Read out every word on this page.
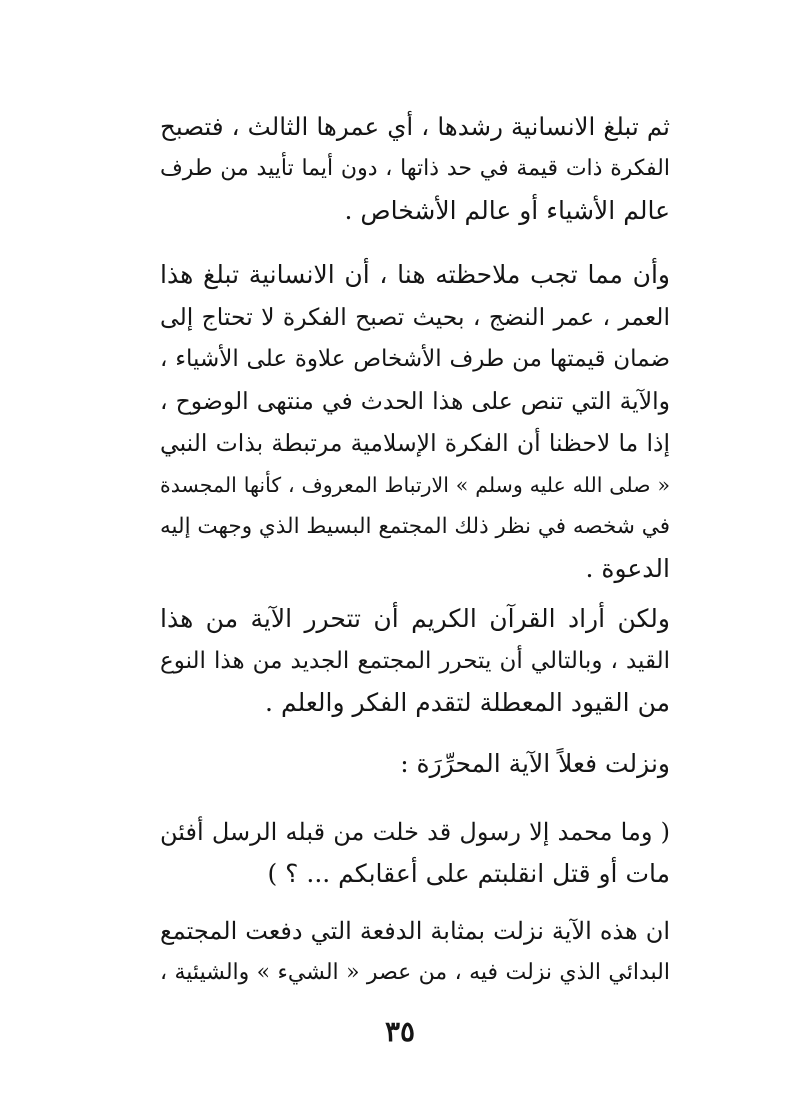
ثم تبلغ الانسانية رشدها ، أي عمرها الثالث ، فتصبح
الفكرة ذات قيمة في حد ذاتها ، دون أيما تأييد من طرف
عالم الأشياء أو عالم الأشخاص .
وأن مما تجب ملاحظته هنا ، أن الانسانية تبلغ هذا
العمر ، عمر النضج ، بحيث تصبح الفكرة لا تحتاج إلى
ضمان قيمتها من طرف الأشخاص علاوة على الأشياء ،
والآية التي تنص على هذا الحدث في منتهى الوضوح ،
إذا ما لاحظنا أن الفكرة الإسلامية مرتبطة بذات النبي
« صلى الله عليه وسلم » الارتباط المعروف ، كأنها المجسدة
في شخصه في نظر ذلك المجتمع البسيط الذي وجهت إليه
الدعوة .
ولكن أراد القرآن الكريم أن تتحرر الآية من هذا
القيد ، وبالتالي أن يتحرر المجتمع الجديد من هذا النوع
من القيود المعطلة لتقدم الفكر والعلم .
ونزلت فعلاً الآية المحرِّرَة :
( وما محمد إلا رسول قد خلت من قبله الرسل أفئن
مات أو قتل انقلبتم على أعقابكم ... ؟ )
ان هذه الآية نزلت بمثابة الدفعة التي دفعت المجتمع
البدائي الذي نزلت فيه ، من عصر « الشيء » والشيئية ،
٣٥
